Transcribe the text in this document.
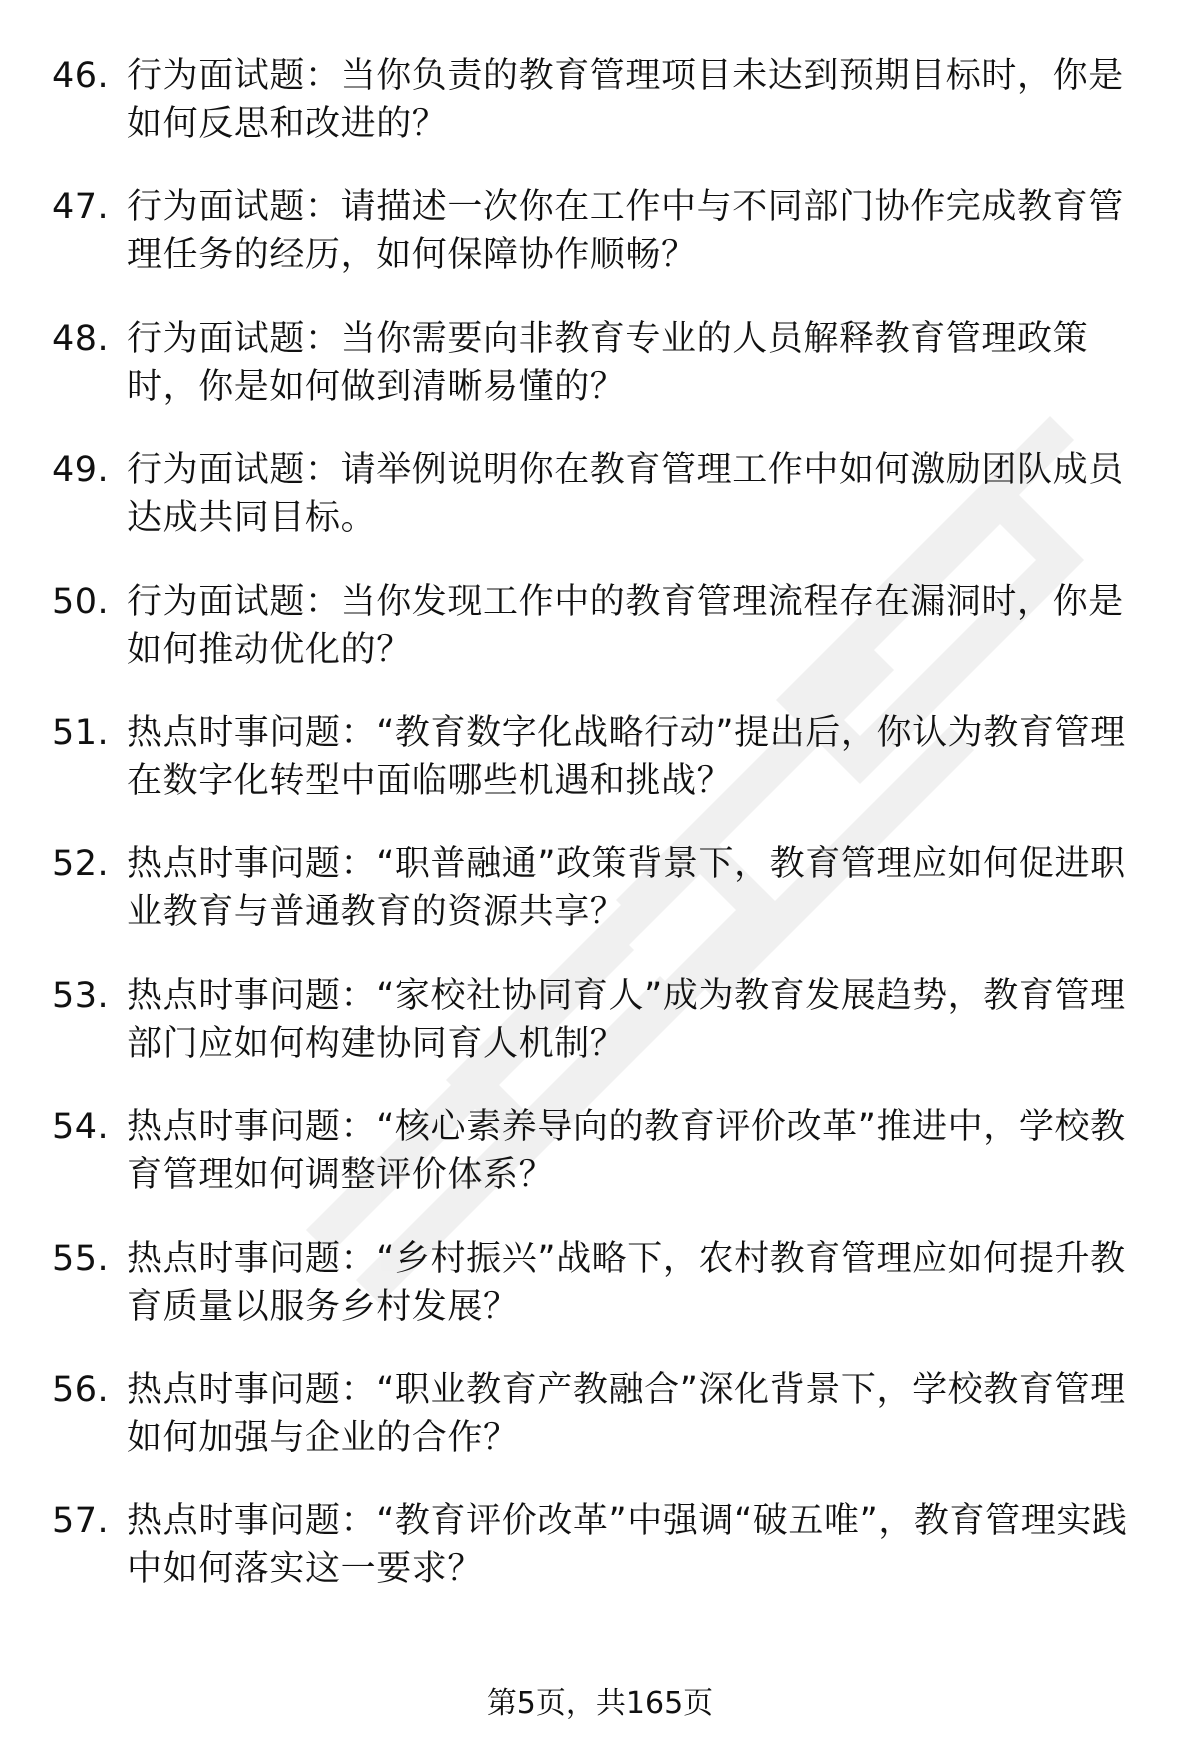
46. 行为面试题：当你负责的教育管理项目未达到预期目标时，你是如何反思和改进的？
47. 行为面试题：请描述一次你在工作中与不同部门协作完成教育管理任务的经历，如何保障协作顺畅？
48. 行为面试题：当你需要向非教育专业的人员解释教育管理政策时，你是如何做到清晰易懂的？
49. 行为面试题：请举例说明你在教育管理工作中如何激励团队成员达成共同目标。
50. 行为面试题：当你发现工作中的教育管理流程存在漏洞时，你是如何推动优化的？
51. 热点时事问题：“教育数字化战略行动”提出后，你认为教育管理在数字化转型中面临哪些机遇和挑战？
52. 热点时事问题：“职普融通”政策背景下，教育管理应如何促进职业教育与普通教育的资源共享？
53. 热点时事问题：“家校社协同育人”成为教育发展趋势，教育管理部门应如何构建协同育人机制？
54. 热点时事问题：“核心素养导向的教育评价改革”推进中，学校教育管理如何调整评价体系？
55. 热点时事问题：“乡村振兴”战略下，农村教育管理应如何提升教育质量以服务乡村发展？
56. 热点时事问题：“职业教育产教融合”深化背景下，学校教育管理如何加强与企业的合作？
57. 热点时事问题：“教育评价改革”中强调“破五唯”，教育管理实践中如何落实这一要求？
第5页，共165页
